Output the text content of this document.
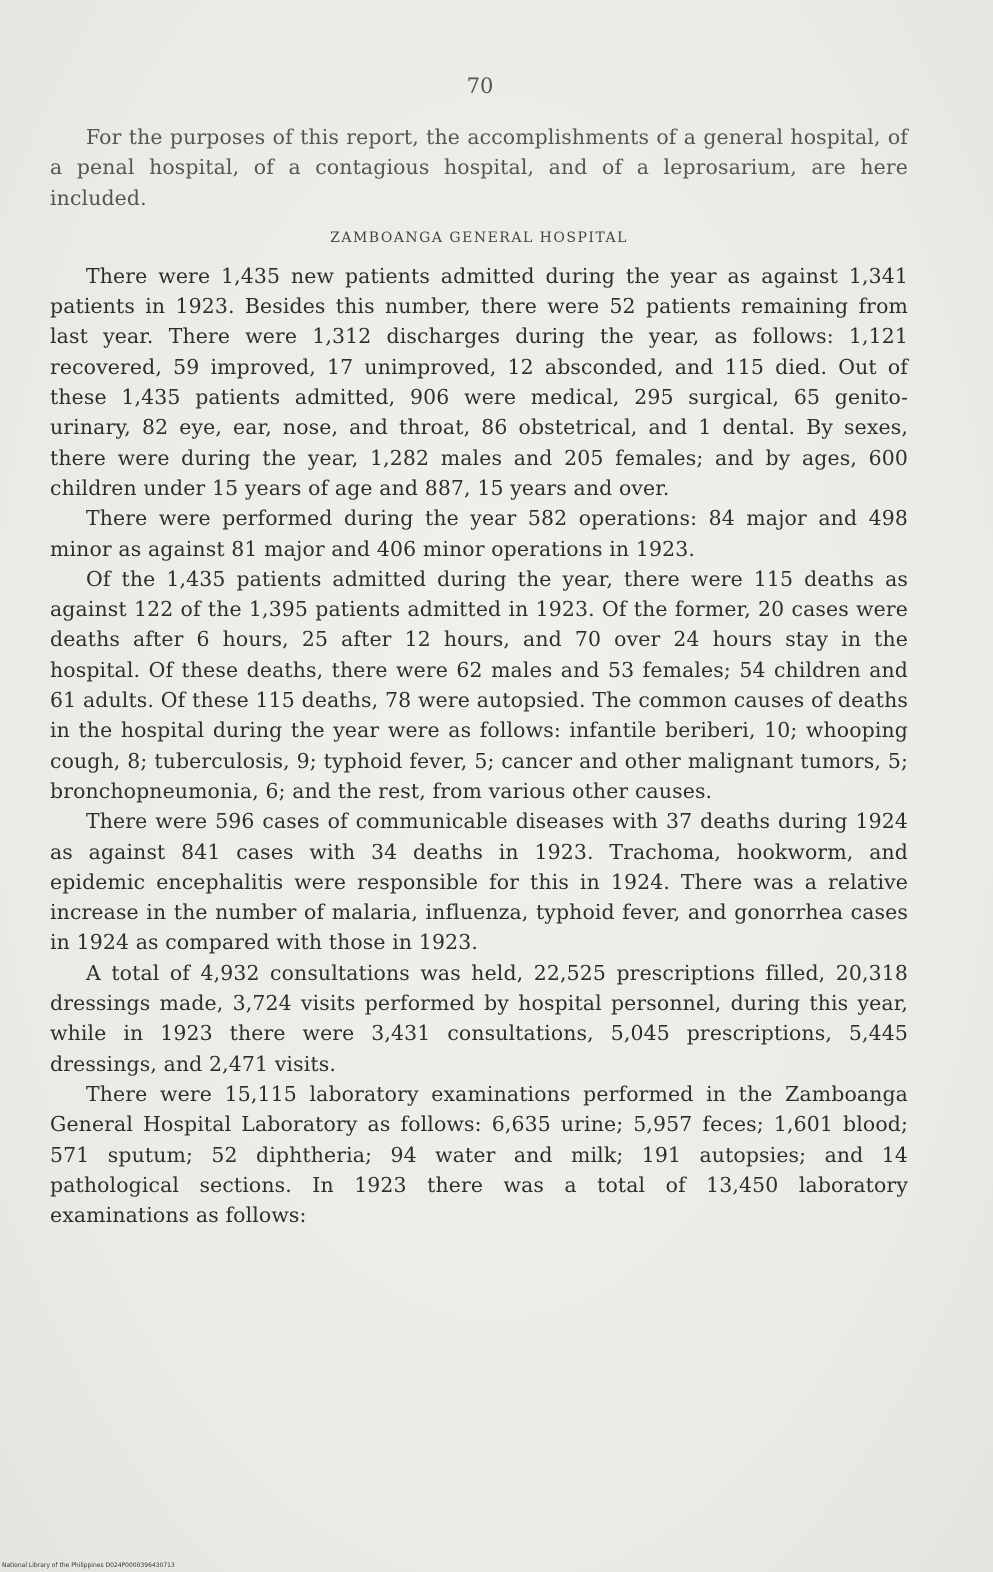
70

For the purposes of this report, the accomplishments of a general hospital, of a penal hospital, of a contagious hospital, and of a leprosarium, are here included.

ZAMBOANGA GENERAL HOSPITAL

There were 1,435 new patients admitted during the year as against 1,341 patients in 1923. Besides this number, there were 52 patients remaining from last year. There were 1,312 discharges during the year, as follows: 1,121 recovered, 59 improved, 17 unimproved, 12 absconded, and 115 died. Out of these 1,435 patients admitted, 906 were medical, 295 surgical, 65 genito-urinary, 82 eye, ear, nose, and throat, 86 obstetrical, and 1 dental. By sexes, there were during the year, 1,282 males and 205 females; and by ages, 600 children under 15 years of age and 887, 15 years and over.

There were performed during the year 582 operations: 84 major and 498 minor as against 81 major and 406 minor operations in 1923.

Of the 1,435 patients admitted during the year, there were 115 deaths as against 122 of the 1,395 patients admitted in 1923. Of the former, 20 cases were deaths after 6 hours, 25 after 12 hours, and 70 over 24 hours stay in the hospital. Of these deaths, there were 62 males and 53 females; 54 children and 61 adults. Of these 115 deaths, 78 were autopsied. The common causes of deaths in the hospital during the year were as follows: infantile beriberi, 10; whooping cough, 8; tuberculosis, 9; typhoid fever, 5; cancer and other malignant tumors, 5; bronchopneumonia, 6; and the rest, from various other causes.

There were 596 cases of communicable diseases with 37 deaths during 1924 as against 841 cases with 34 deaths in 1923. Trachoma, hookworm, and epidemic encephalitis were responsible for this in 1924. There was a relative increase in the number of malaria, influenza, typhoid fever, and gonorrhea cases in 1924 as compared with those in 1923.

A total of 4,932 consultations was held, 22,525 prescriptions filled, 20,318 dressings made, 3,724 visits performed by hospital personnel, during this year, while in 1923 there were 3,431 consultations, 5,045 prescriptions, 5,445 dressings, and 2,471 visits.

There were 15,115 laboratory examinations performed in the Zamboanga General Hospital Laboratory as follows: 6,635 urine; 5,957 feces; 1,601 blood; 571 sputum; 52 diphtheria; 94 water and milk; 191 autopsies; and 14 pathological sections. In 1923 there was a total of 13,450 laboratory examinations as follows:

National Library of the Philippines D024P0000396430713
